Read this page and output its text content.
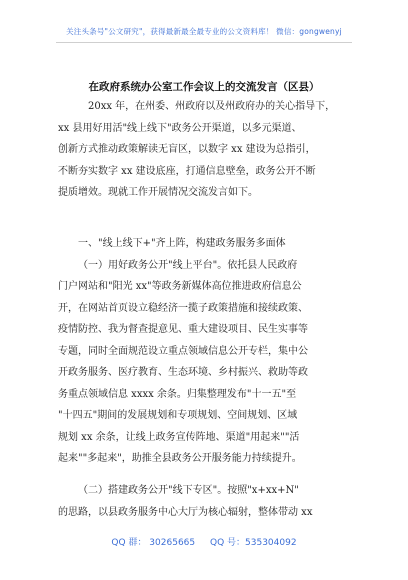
关注头条号"公文研究"，获得最新最全最专业的公文资料库！ 微信：gongwenyj
在政府系统办公室工作会议上的交流发言（区县）
20xx 年，在州委、州政府以及州政府办的关心指导下，
xx 县用好用活"线上线下"政务公开渠道，以多元渠道、
创新方式推动政策解读无盲区，以数字 xx 建设为总指引，
不断夯实数字 xx 建设底座，打通信息壁垒，政务公开不断
提质增效。现就工作开展情况交流发言如下。
一、"线上线下+"齐上阵，构建政务服务多面体
（一）用好政务公开"线上平台"。依托县人民政府
门户网站和"阳光 xx"等政务新媒体高位推进政府信息公
开，在网站首页设立稳经济一揽子政策措施和接续政策、
疫情防控、我为督查提意见、重大建设项目、民生实事等
专题，同时全面规范设立重点领域信息公开专栏，集中公
开政务服务、医疗教育、生态环境、乡村振兴、救助等政
务重点领域信息 xxxx 余条。归集整理发布"十一五"至
"十四五"期间的发展规划和专项规划、空间规划、区域
规划 xx 余条，让线上政务宣传阵地、渠道"用起来""活
起来""多起来"，助推全县政务公开服务能力持续提升。
（二）搭建政务公开"线下专区"。按照"x+xx+N"
的思路，以县政务服务中心大厅为核心辐射，整体带动 xx
QQ 群： 30265665 QQ 号：535304092
